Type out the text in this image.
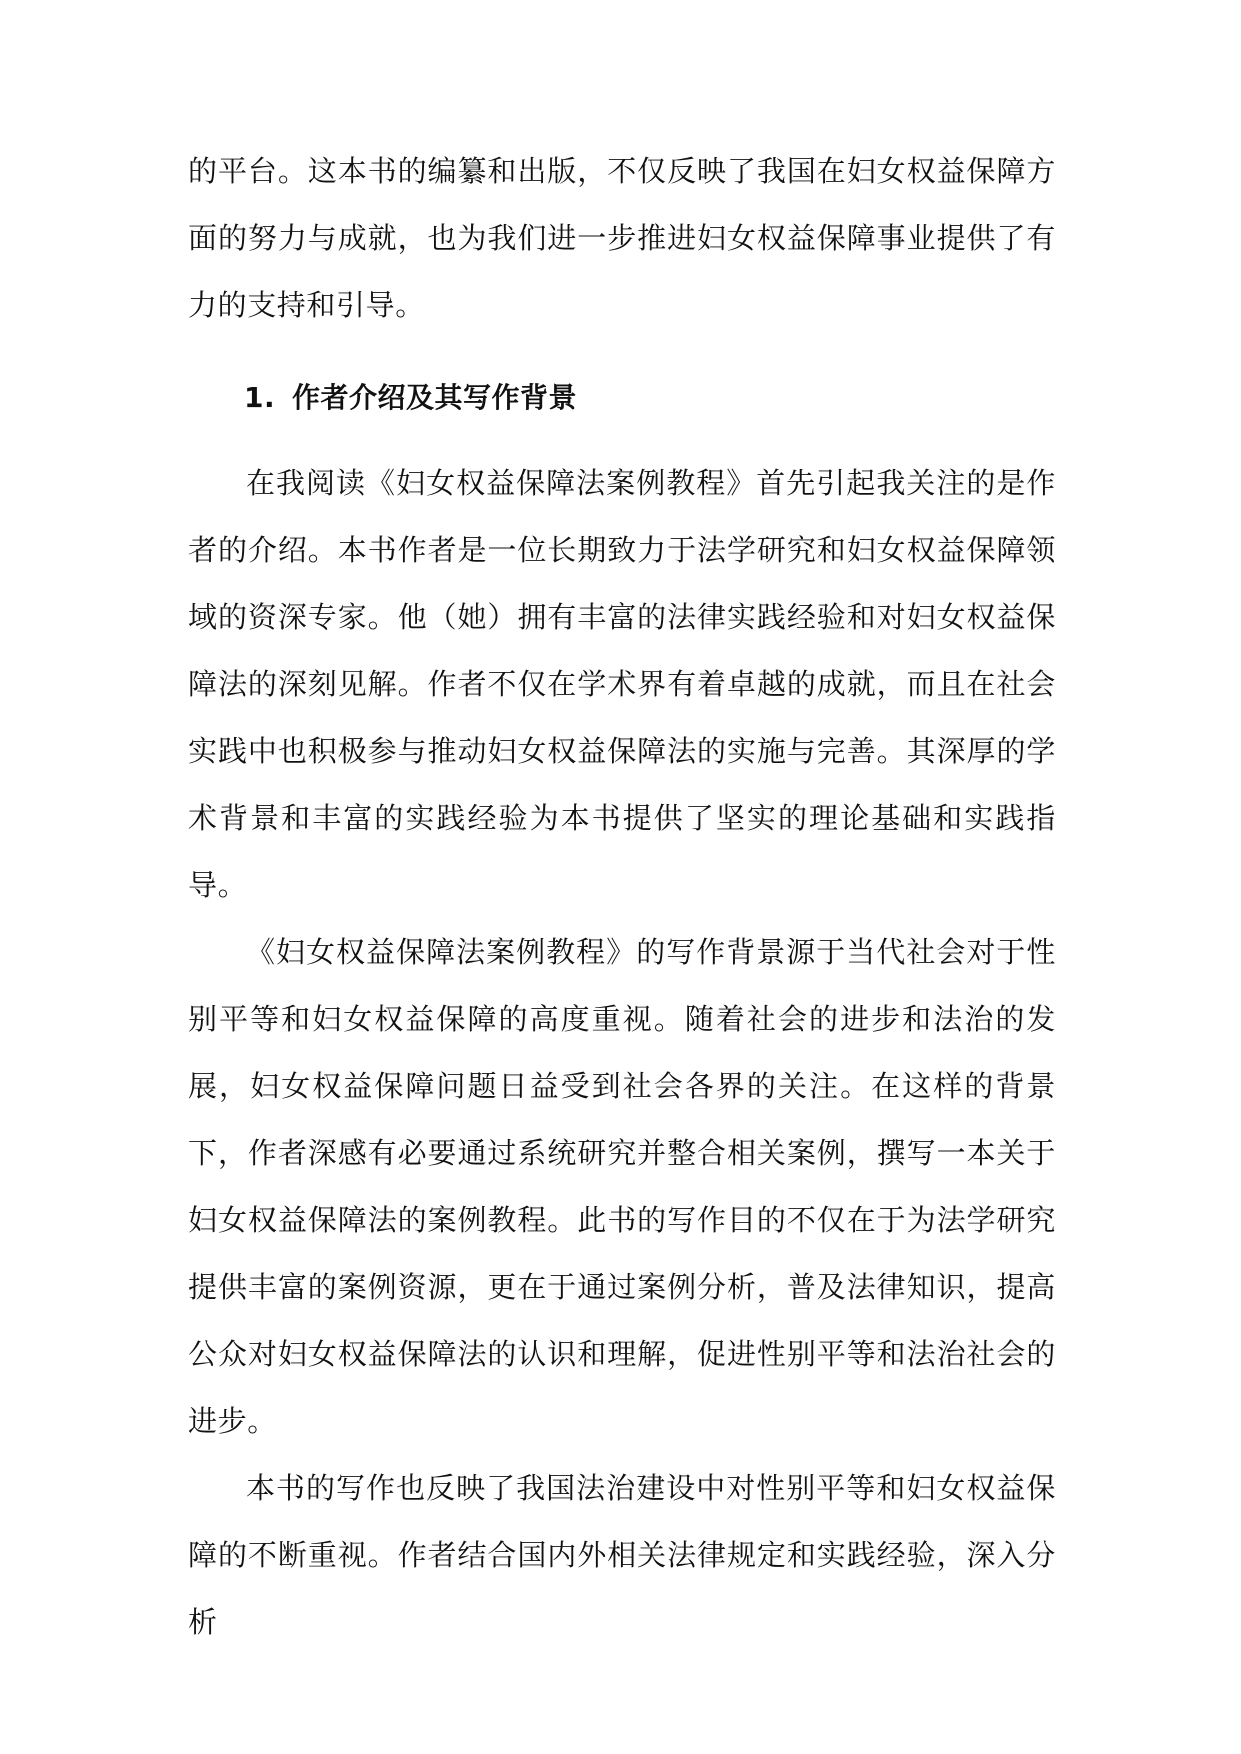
的平台。这本书的编纂和出版，不仅反映了我国在妇女权益保障方面的努力与成就，也为我们进一步推进妇女权益保障事业提供了有力的支持和引导。

1. 作者介绍及其写作背景

在我阅读《妇女权益保障法案例教程》首先引起我关注的是作者的介绍。本书作者是一位长期致力于法学研究和妇女权益保障领域的资深专家。他（她）拥有丰富的法律实践经验和对妇女权益保障法的深刻见解。作者不仅在学术界有着卓越的成就，而且在社会实践中也积极参与推动妇女权益保障法的实施与完善。其深厚的学术背景和丰富的实践经验为本书提供了坚实的理论基础和实践指导。

《妇女权益保障法案例教程》的写作背景源于当代社会对于性别平等和妇女权益保障的高度重视。随着社会的进步和法治的发展，妇女权益保障问题日益受到社会各界的关注。在这样的背景下，作者深感有必要通过系统研究并整合相关案例，撰写一本关于妇女权益保障法的案例教程。此书的写作目的不仅在于为法学研究提供丰富的案例资源，更在于通过案例分析，普及法律知识，提高公众对妇女权益保障法的认识和理解，促进性别平等和法治社会的进步。

本书的写作也反映了我国法治建设中对性别平等和妇女权益保障的不断重视。作者结合国内外相关法律规定和实践经验，深入分析
